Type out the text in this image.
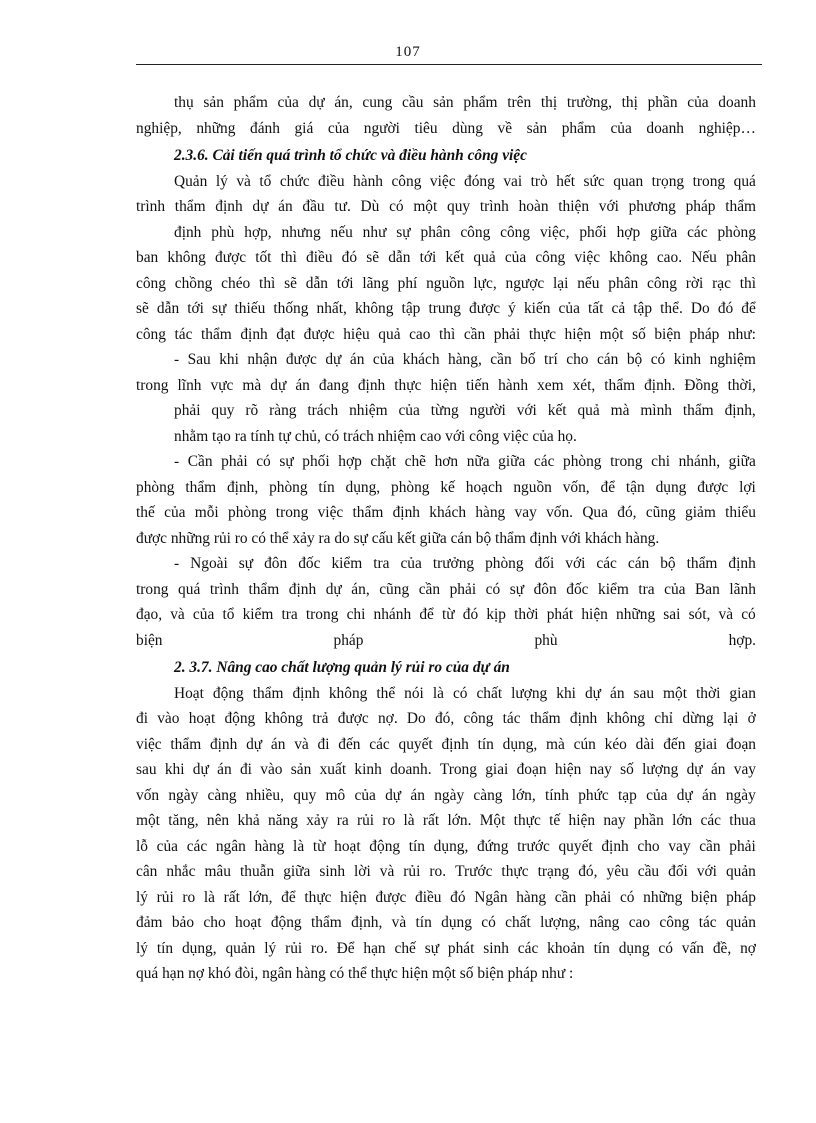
107
thụ sản phẩm của dự án, cung cầu sản phẩm trên thị trường, thị phần của doanh
nghiệp, những đánh giá của người tiêu dùng về sản phẩm của doanh nghiệp…
2.3.6. Cải tiến quá trình tổ chức và điều hành công việc
Quản lý và tổ chức điều hành công việc đóng vai trò hết sức quan trọng trong quá
trình thẩm định dự án đầu tư. Dù có một quy trình hoàn thiện với phương pháp thẩm
định phù hợp, nhưng nếu như sự phân công công việc, phối hợp giữa các phòng
ban không được tốt thì điều đó sẽ dẫn tới kết quả của công việc không cao. Nếu phân
công chồng chéo thì sẽ dẫn tới lãng phí nguồn lực, ngược lại nếu phân công rời rạc thì
sẽ dẫn tới sự thiếu thống nhất, không tập trung được ý kiến của tất cả tập thể. Do đó để
công tác thẩm định đạt được hiệu quả cao thì cần phải thực hiện một số biện pháp như:
- Sau khi nhận được dự án của khách hàng, cần bố trí cho cán bộ có kinh nghiệm
trong lĩnh vực mà dự án đang định thực hiện tiến hành xem xét, thẩm định. Đồng thời,
phải quy rõ ràng trách nhiệm của từng người với kết quả mà mình thẩm định,
nhằm tạo ra tính tự chủ, có trách nhiệm cao với công việc của họ.
- Cần phải có sự phối hợp chặt chẽ hơn nữa giữa các phòng trong chi nhánh, giữa
phòng thẩm định, phòng tín dụng, phòng kế hoạch nguồn vốn, để tận dụng được lợi
thế của mỗi phòng trong việc thẩm định khách hàng vay vốn. Qua đó, cũng giảm thiểu
được những rủi ro có thể xảy ra do sự cấu kết giữa cán bộ thẩm định với khách hàng.
- Ngoài sự đôn đốc kiểm tra của trưởng phòng đối với các cán bộ thẩm định
trong quá trình thẩm định dự án, cũng cần phải có sự đôn đốc kiểm tra của Ban lãnh
đạo, và của tổ kiểm tra trong chi nhánh để từ đó kịp thời phát hiện những sai sót, và có
biện	pháp	phù	hợp.
2. 3.7. Nâng cao chất lượng quản lý rủi ro của dự án
Hoạt động thẩm định không thể nói là có chất lượng khi dự án sau một thời gian
đi vào hoạt động không trả được nợ. Do đó, công tác thẩm định không chỉ dừng lại ở
việc thẩm định dự án và đi đến các quyết định tín dụng, mà cún kéo dài đến giai đoạn
sau khi dự án đi vào sản xuất kinh doanh. Trong giai đoạn hiện nay số lượng dự án vay
vốn ngày càng nhiều, quy mô của dự án ngày càng lớn, tính phức tạp của dự án ngày
một tăng, nên khả năng xảy ra rủi ro là rất lớn. Một thực tế hiện nay phần lớn các thua
lỗ của các ngân hàng là từ hoạt động tín dụng, đứng trước quyết định cho vay cần phải
cân nhắc mâu thuẫn giữa sinh lời và rủi ro. Trước thực trạng đó, yêu cầu đối với quản
lý rủi ro là rất lớn, để thực hiện được điều đó Ngân hàng cần phải có những biện pháp
đảm bảo cho hoạt động thẩm định, và tín dụng có chất lượng, nâng cao công tác quản
lý tín dụng, quản lý rủi ro. Để hạn chế sự phát sinh các khoản tín dụng có vấn đề, nợ
quá hạn nợ khó đòi, ngân hàng có thể thực hiện một số biện pháp như :
